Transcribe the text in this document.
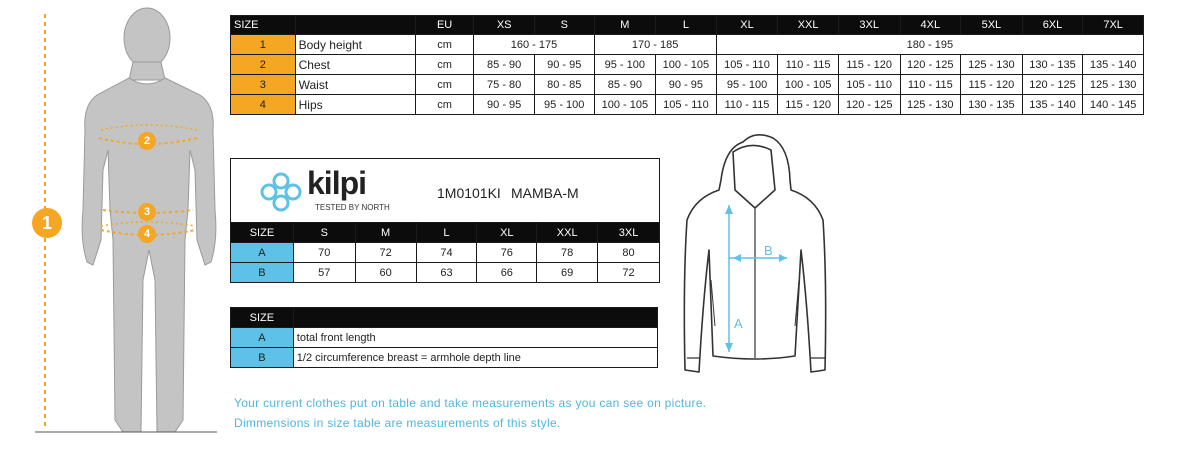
1
2
3
4
SIZE		EU	XS	S	M	L	XL	XXL	3XL	4XL	5XL	6XL	7XL
1	Body height	cm	160 - 175		170 - 185		180 - 195						
2	Chest	cm	85 - 90	90 - 95	95 - 100	100 - 105	105 - 110	110 - 115	115 - 120	120 - 125	125 - 130	130 - 135	135 - 140
3	Waist	cm	75 - 80	80 - 85	85 - 90	90 - 95	95 - 100	100 - 105	105 - 110	110 - 115	115 - 120	120 - 125	125 - 130
4	Hips	cm	90 - 95	95 - 100	100 - 105	105 - 110	110 - 115	115 - 120	120 - 125	125 - 130	130 - 135	135 - 140	140 - 145
kilpi
TESTED BY NORTH
1M0101KI MAMBA-M
SIZE	S	M	L	XL	XXL	3XL
A	70	72	74	76	78	80
B	57	60	63	66	69	72
SIZE	
A	total front length
B	1/2 circumference breast = armhole depth line
A
B
Your current clothes put on table and take measurements as you can see on picture.
Dimmensions in size table are measurements of this style.
